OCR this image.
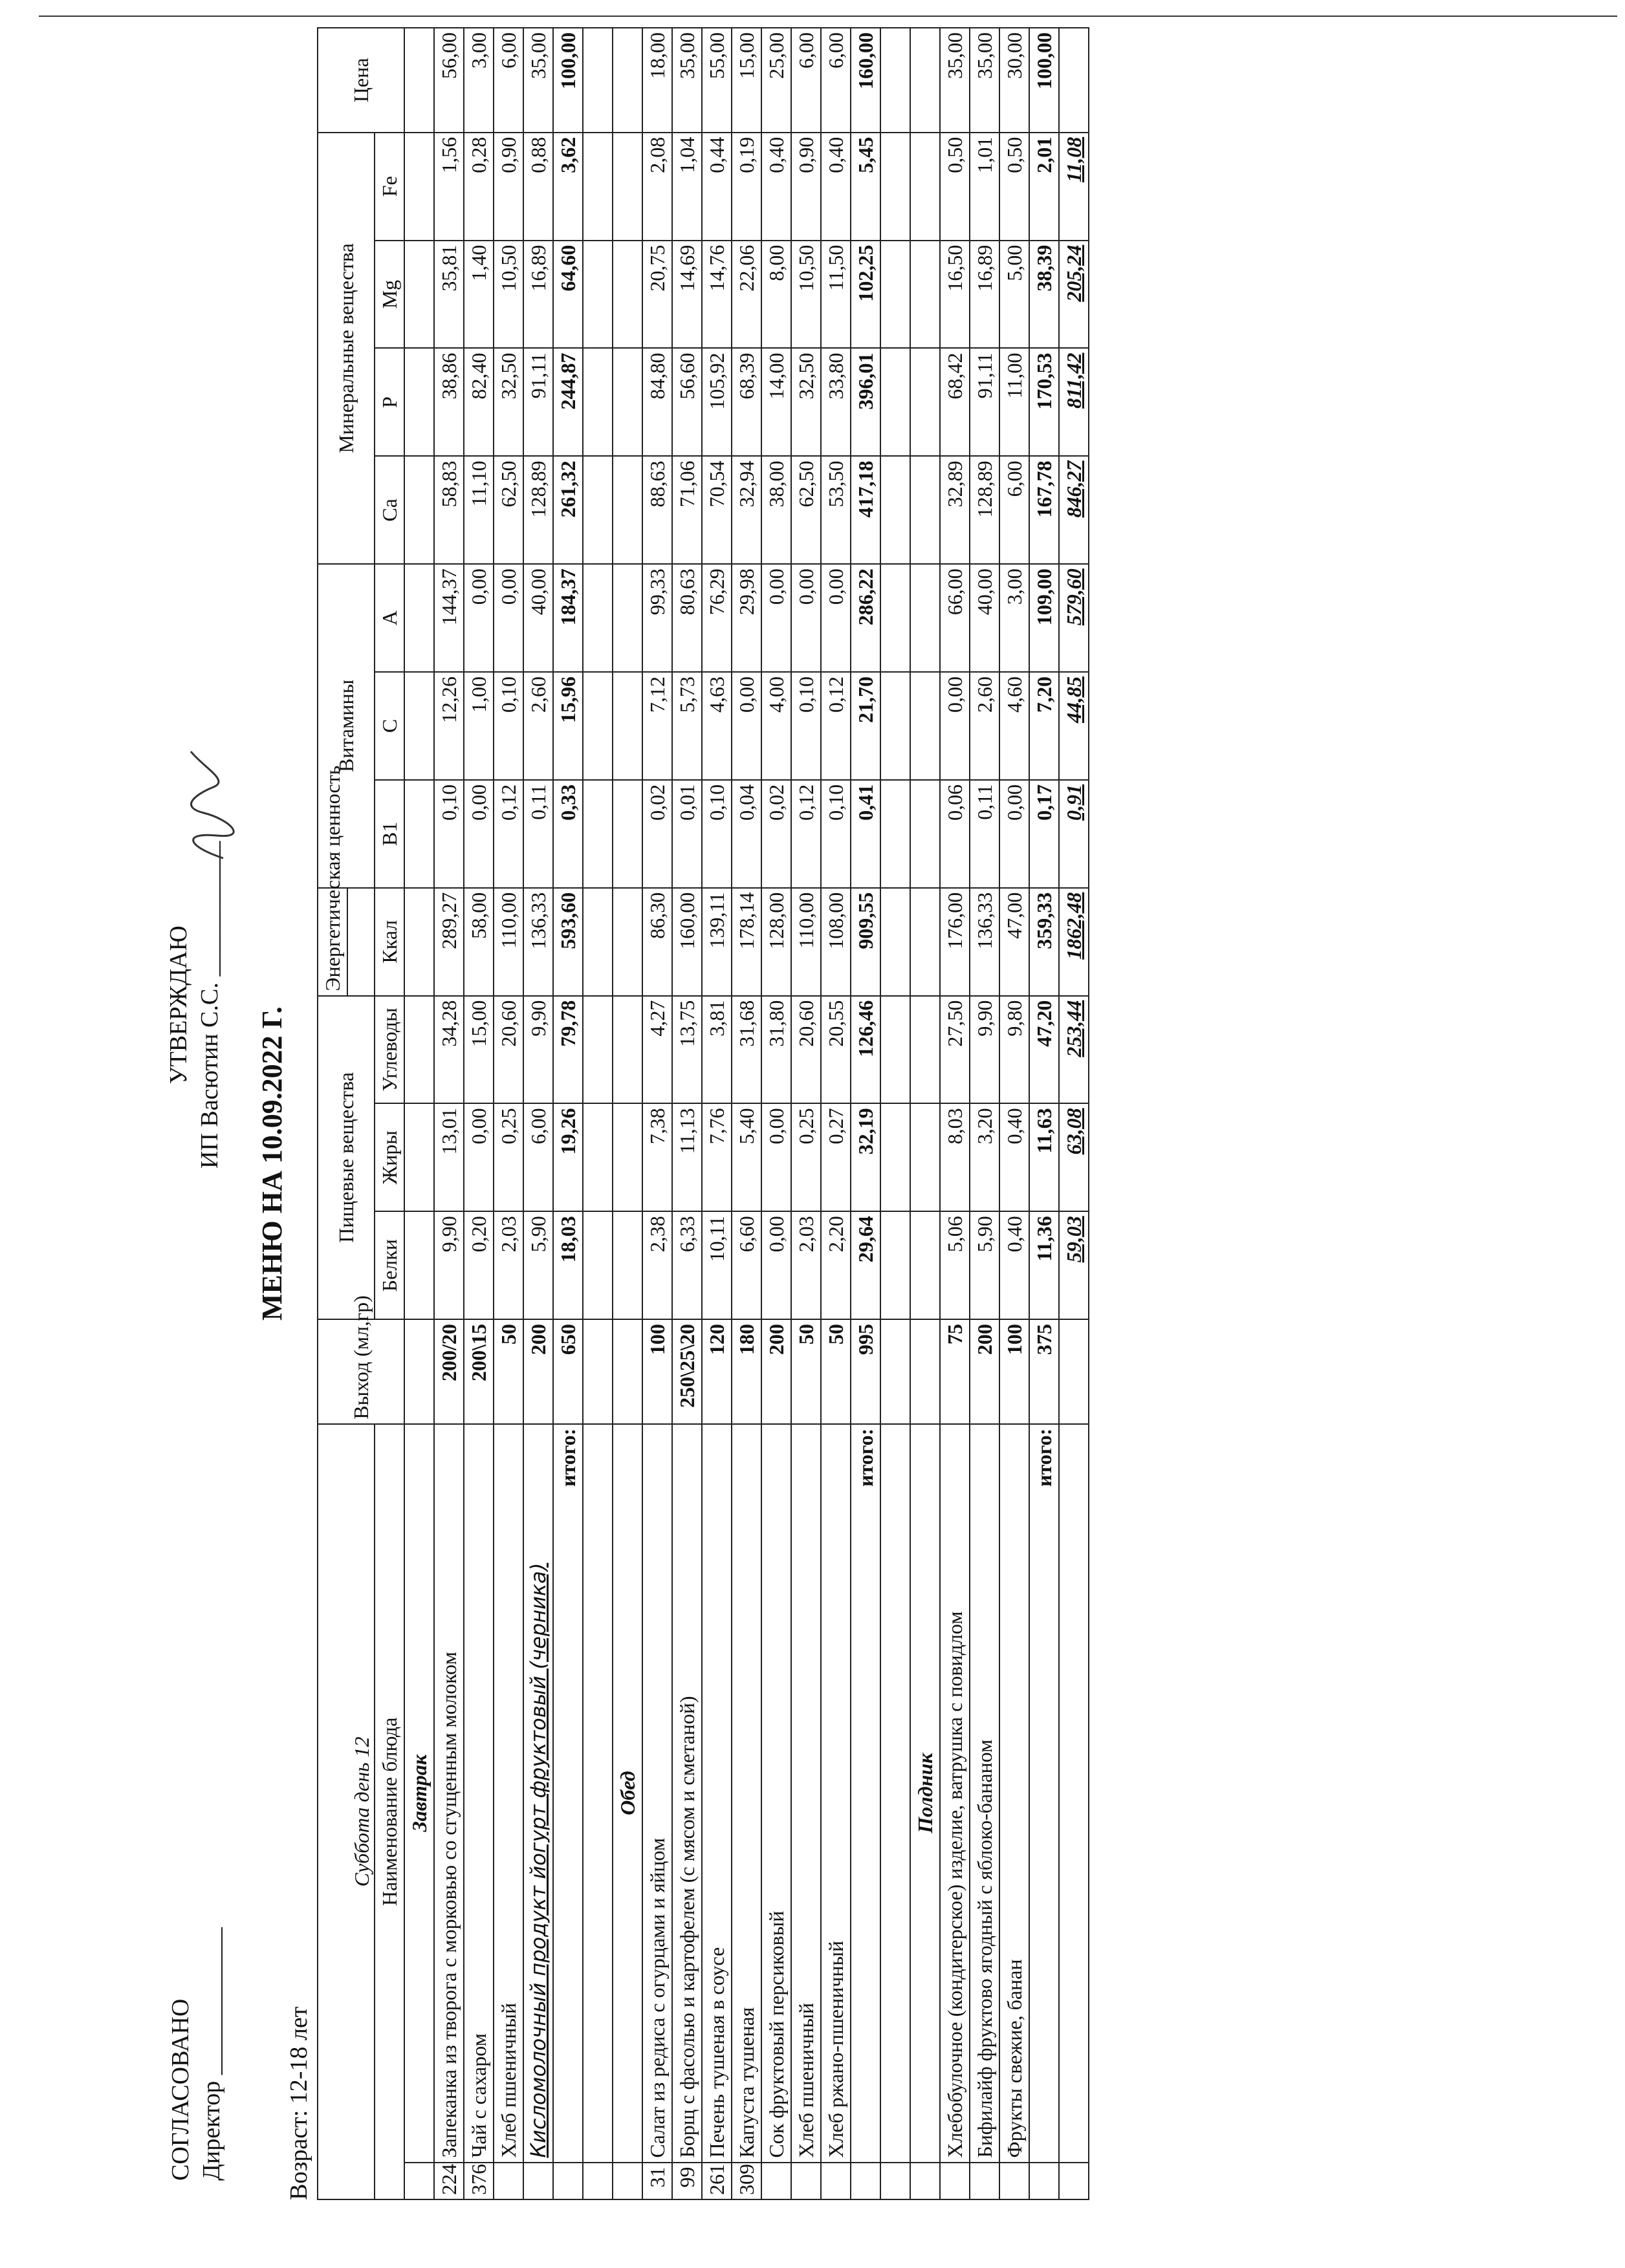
СОГЛАСОВАНО Директор ____________
УТВЕРЖДАЮ ИП Васютин С.С. ___________ МЕНЮ НА 10.09.2022 Г.
Возраст: 12-18 лет
Суббота день 12		Выход (мл,гр)	Пищевые вещества			Энергетическая ценность	Витамины			Минеральные вещества				Цена

Наименование блюда			Белки	Жиры	Углеводы	Ккал	B1	C	A	Ca	P	Mg	Fe	
	Завтрак													
224	Запеканка из творога с морковью со сгущенным молоком	200/20	9,90	13,01	34,28	289,27	0,10	12,26	144,37	58,83	38,86	35,81	1,56	56,00
376	Чай с сахаром	200\15	0,20	0,00	15,00	58,00	0,00	1,00	0,00	11,10	82,40	1,40	0,28	3,00
	Хлеб пшеничный	50	2,03	0,25	20,60	110,00	0,12	0,10	0,00	62,50	32,50	10,50	0,90	6,00
	Кисломолочный продукт йогурт фруктовый (черника)	200	5,90	6,00	9,90	136,33	0,11	2,60	40,00	128,89	91,11	16,89	0,88	35,00
	итого:	650	18,03	19,26	79,78	593,60	0,33	15,96	184,37	261,32	244,87	64,60	3,62	100,00

	Обед													
31	Салат из редиса с огурцами и яйцом	100	2,38	7,38	4,27	86,30	0,02	7,12	99,33	88,63	84,80	20,75	2,08	18,00
99	Борщ с фасолью и картофелем (с мясом и сметаной)	250\25\20	6,33	11,13	13,75	160,00	0,01	5,73	80,63	71,06	56,60	14,69	1,04	35,00
261	Печень тушеная в соусе	120	10,11	7,76	3,81	139,11	0,10	4,63	76,29	70,54	105,92	14,76	0,44	55,00
309	Капуста тушеная	180	6,60	5,40	31,68	178,14	0,04	0,00	29,98	32,94	68,39	22,06	0,19	15,00
	Сок фруктовый персиковый	200	0,00	0,00	31,80	128,00	0,02	4,00	0,00	38,00	14,00	8,00	0,40	25,00
	Хлеб пшеничный	50	2,03	0,25	20,60	110,00	0,12	0,10	0,00	62,50	32,50	10,50	0,90	6,00
	Хлеб ржано-пшеничный	50	2,20	0,27	20,55	108,00	0,10	0,12	0,00	53,50	33,80	11,50	0,40	6,00
	итого:	995	29,64	32,19	126,46	909,55	0,41	21,70	286,22	417,18	396,01	102,25	5,45	160,00

	Полдник													
	Хлебобулочное (кондитерское) изделие, ватрушка с повидлом	75	5,06	8,03	27,50	176,00	0,06	0,00	66,00	32,89	68,42	16,50	0,50	35,00
	Бифилайф фруктово ягодный с яблоко-бананом	200	5,90	3,20	9,90	136,33	0,11	2,60	40,00	128,89	91,11	16,89	1,01	35,00
	Фрукты свежие, банан	100	0,40	0,40	9,80	47,00	0,00	4,60	3,00	6,00	11,00	5,00	0,50	30,00
	итого:	375	11,36	11,63	47,20	359,33	0,17	7,20	109,00	167,78	170,53	38,39	2,01	100,00
			59,03	63,08	253,44	1862,48	0,91	44,85	579,60	846,27	811,42	205,24	11,08	
